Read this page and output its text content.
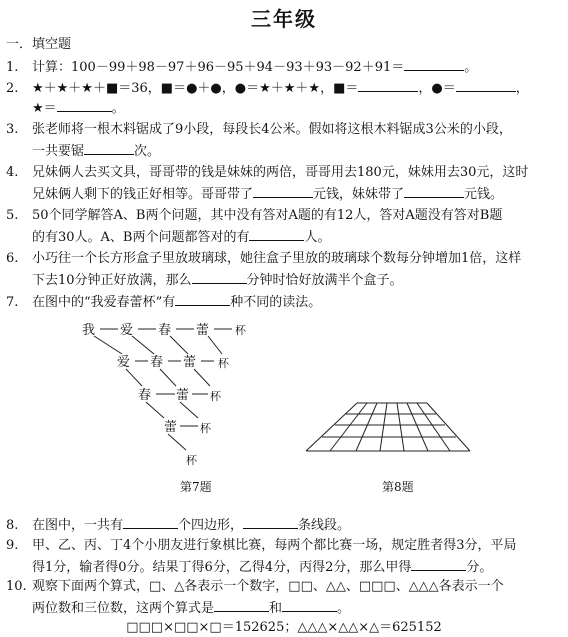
三年级
一．填空题
1. 计算：100－99＋98－97＋96－95＋94－93＋93－92＋91＝	。
2. ★＋★＋★＋■＝36，■＝●＋●，●＝★＋★＋★，■＝	，●＝	，
★＝	。
3. 张老师将一根木料锯成了9小段，每段长4公米。假如将这根木料锯成3公米的小段，
一共要锯	次。
4. 兄妹俩人去买文具，哥哥带的钱是妹妹的两倍，哥哥用去180元，妹妹用去30元，这时
兄妹俩人剩下的钱正好相等。哥哥带了	元钱，妹妹带了	元钱。
5. 50个同学解答A、B两个问题，其中没有答对A题的有12人，答对A题没有答对B题
的有30人。A、B两个问题都答对的有	人。
6. 小巧往一个长方形盒子里放玻璃球，她往盒子里放的玻璃球个数每分钟增加1倍，这样
下去10分钟正好放满，那么	分钟时恰好放满半个盒子。
7. 在图中的“我爱春蕾杯”有	种不同的读法。
我 爱 春 蕾 杯
爱 春 蕾 杯
春 蕾 杯
蕾 杯
杯
第7题	第8题
8. 在图中，一共有	个四边形，	条线段。
9. 甲、乙、丙、丁4个小朋友进行象棋比赛，每两个都比赛一场，规定胜者得3分，平局
得1分，输者得0分。结果丁得6分，乙得4分，丙得2分，那么甲得	分。
10. 观察下面两个算式，□、△各表示一个数字，□□、△△、□□□、△△△各表示一个
两位数和三位数，这两个算式是	和	。
□□□×□□×□＝152625；△△△×△△×△＝625152
